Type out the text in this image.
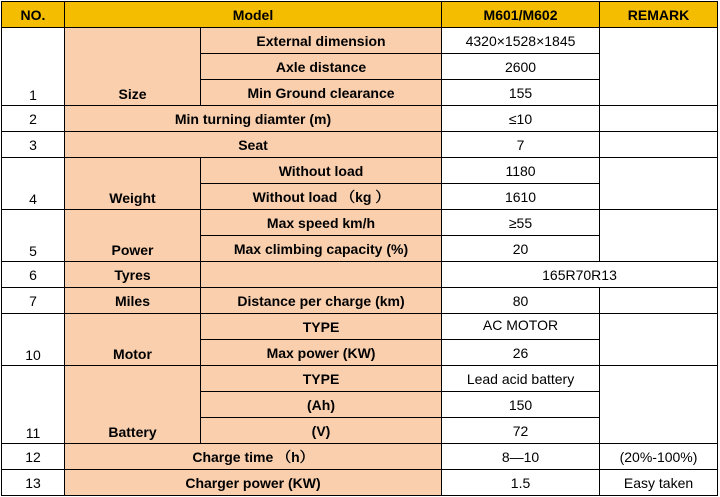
NO.	Model		M601/M602	REMARK
1	Size	External dimension	4320×1528×1845	
		Axle distance	2600	
		Min Ground clearance	155	
2	Min turning diamter (m)		≤10	
3	Seat		7	
4	Weight	Without load	1180	
		Without load （kg ）	1610	
5	Power	Max speed km/h	≥55	
		Max climbing capacity (%)	20	
6	Tyres		165R70R13	
7	Miles	Distance per charge (km)	80	
10	Motor	TYPE	AC MOTOR	
		Max power (KW)	26	
11	Battery	TYPE	Lead acid battery	
		(Ah)	150	
		(V)	72	
12	Charge time （h）		8—10	(20%-100%)
13	Charger power (KW)		1.5	Easy taken
